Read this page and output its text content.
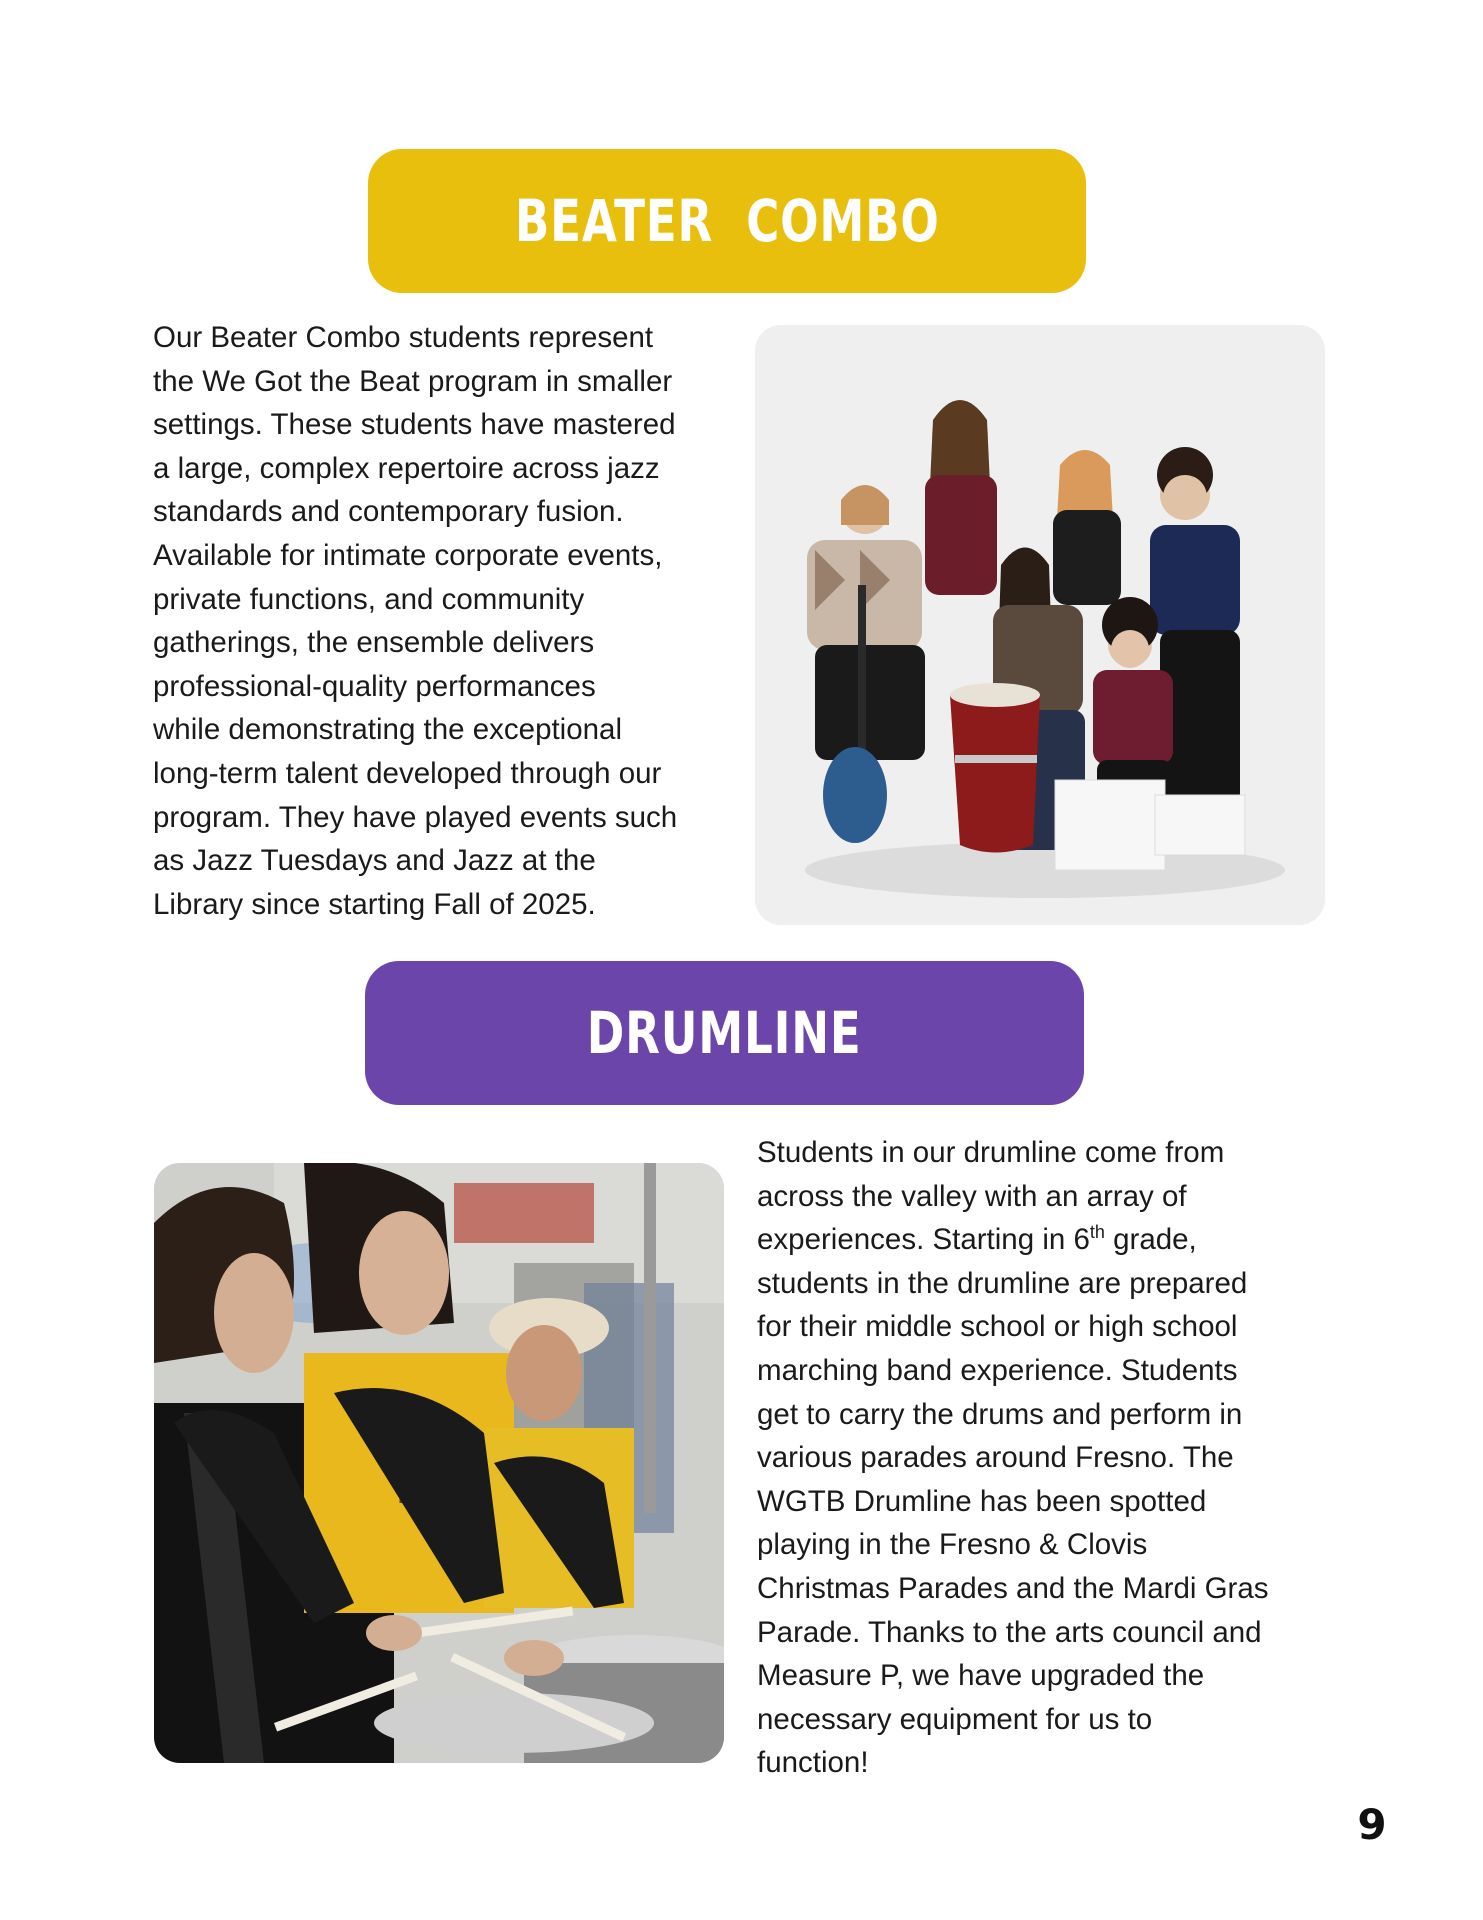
BEATER  COMBO
Our Beater Combo students represent
the We Got the Beat program in smaller
settings. These students have mastered
a large, complex repertoire across jazz
standards and contemporary fusion.
Available for intimate corporate events,
private functions, and community
gatherings, the ensemble delivers
professional-quality performances
while demonstrating the exceptional
long-term talent developed through our
program. They have played events such
as Jazz Tuesdays and Jazz at the
Library since starting Fall of 2025.
DRUMLINE
Students in our drumline come from
across the valley with an array of
experiences. Starting in 6th grade,
students in the drumline are prepared
for their middle school or high school
marching band experience. Students
get to carry the drums and perform in
various parades around Fresno. The
WGTB Drumline has been spotted
playing in the Fresno & Clovis
Christmas Parades and the Mardi Gras
Parade. Thanks to the arts council and
Measure P, we have upgraded the
necessary equipment for us to
function!
9
